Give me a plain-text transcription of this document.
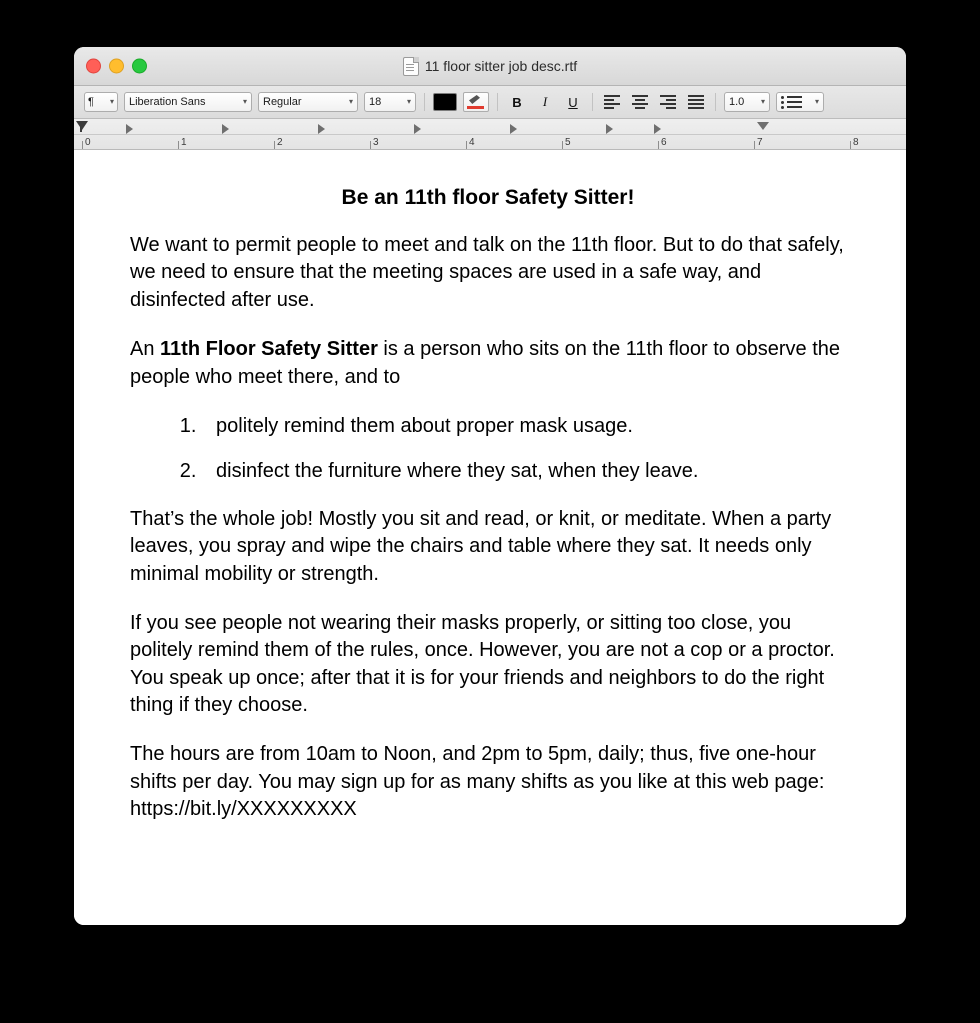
11 floor sitter job desc.rtf
¶ ▾ Liberation Sans	▾ Regular	▾ 18	▾	B	I	U	1.0 ▾	▾
0	1	2	3	4	5	6	7	8
Be an 11th floor Safety Sitter!

We want to permit people to meet and talk on the 11th floor. But to do that safely, we need to ensure that the meeting spaces are used in a safe way, and disinfected after use.

An 11th Floor Safety Sitter is a person who sits on the 11th floor to observe the people who meet there, and to

1. politely remind them about proper mask usage.
2. disinfect the furniture where they sat, when they leave.

That’s the whole job! Mostly you sit and read, or knit, or meditate. When a party leaves, you spray and wipe the chairs and table where they sat. It needs only minimal mobility or strength.

If you see people not wearing their masks properly, or sitting too close, you politely remind them of the rules, once. However, you are not a cop or a proctor. You speak up once; after that it is for your friends and neighbors to do the right thing if they choose.

The hours are from 10am to Noon, and 2pm to 5pm, daily; thus, five one-hour shifts per day. You may sign up for as many shifts as you like at this web page: https://bit.ly/XXXXXXXXX
